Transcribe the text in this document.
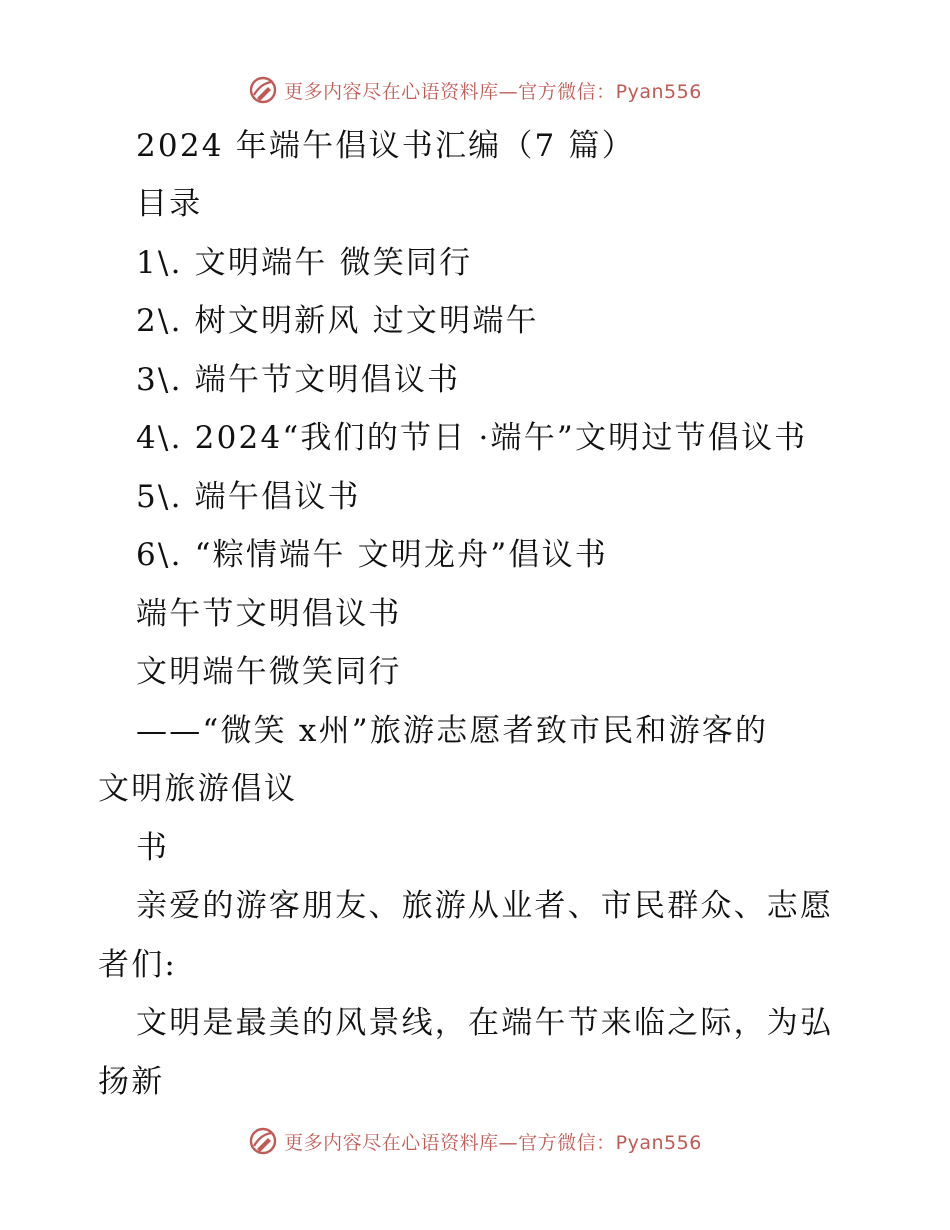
更多内容尽在心语资料库—官方微信：Pyan556
2024 年端午倡议书汇编（7 篇）
目录
1\. 文明端午 微笑同行
2\. 树文明新风 过文明端午
3\. 端午节文明倡议书
4\. 2024“我们的节日 ·端午”文明过节倡议书
5\. 端午倡议书
6\. “粽情端午 文明龙舟”倡议书
端午节文明倡议书
文明端午微笑同行
——“微笑 x州”旅游志愿者致市民和游客的
文明旅游倡议
书
亲爱的游客朋友、旅游从业者、市民群众、志愿
者们:
文明是最美的风景线，在端午节来临之际，为弘
扬新
更多内容尽在心语资料库—官方微信：Pyan556
